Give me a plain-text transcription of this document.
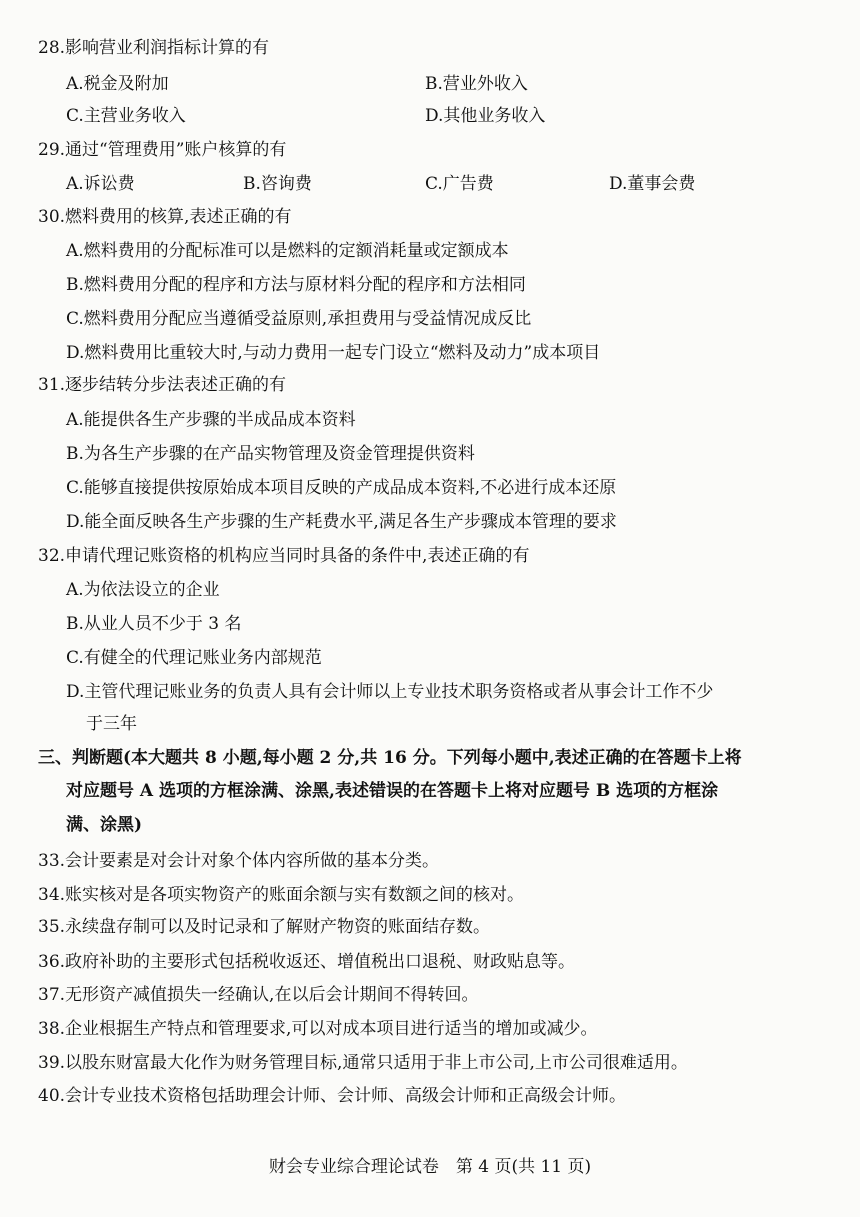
28.影响营业利润指标计算的有
A.税金及附加	B.营业外收入
C.主营业务收入	D.其他业务收入
29.通过“管理费用”账户核算的有
A.诉讼费	B.咨询费	C.广告费	D.董事会费
30.燃料费用的核算,表述正确的有
A.燃料费用的分配标准可以是燃料的定额消耗量或定额成本
B.燃料费用分配的程序和方法与原材料分配的程序和方法相同
C.燃料费用分配应当遵循受益原则,承担费用与受益情况成反比
D.燃料费用比重较大时,与动力费用一起专门设立“燃料及动力”成本项目
31.逐步结转分步法表述正确的有
A.能提供各生产步骤的半成品成本资料
B.为各生产步骤的在产品实物管理及资金管理提供资料
C.能够直接提供按原始成本项目反映的产成品成本资料,不必进行成本还原
D.能全面反映各生产步骤的生产耗费水平,满足各生产步骤成本管理的要求
32.申请代理记账资格的机构应当同时具备的条件中,表述正确的有
A.为依法设立的企业
B.从业人员不少于 3 名
C.有健全的代理记账业务内部规范
D.主管代理记账业务的负责人具有会计师以上专业技术职务资格或者从事会计工作不少
于三年
三、判断题(本大题共 8 小题,每小题 2 分,共 16 分。下列每小题中,表述正确的在答题卡上将
对应题号 A 选项的方框涂满、涂黑,表述错误的在答题卡上将对应题号 B 选项的方框涂
满、涂黑)
33.会计要素是对会计对象个体内容所做的基本分类。
34.账实核对是各项实物资产的账面余额与实有数额之间的核对。
35.永续盘存制可以及时记录和了解财产物资的账面结存数。
36.政府补助的主要形式包括税收返还、增值税出口退税、财政贴息等。
37.无形资产减值损失一经确认,在以后会计期间不得转回。
38.企业根据生产特点和管理要求,可以对成本项目进行适当的增加或减少。
39.以股东财富最大化作为财务管理目标,通常只适用于非上市公司,上市公司很难适用。
40.会计专业技术资格包括助理会计师、会计师、高级会计师和正高级会计师。
财会专业综合理论试卷　第 4 页(共 11 页)
